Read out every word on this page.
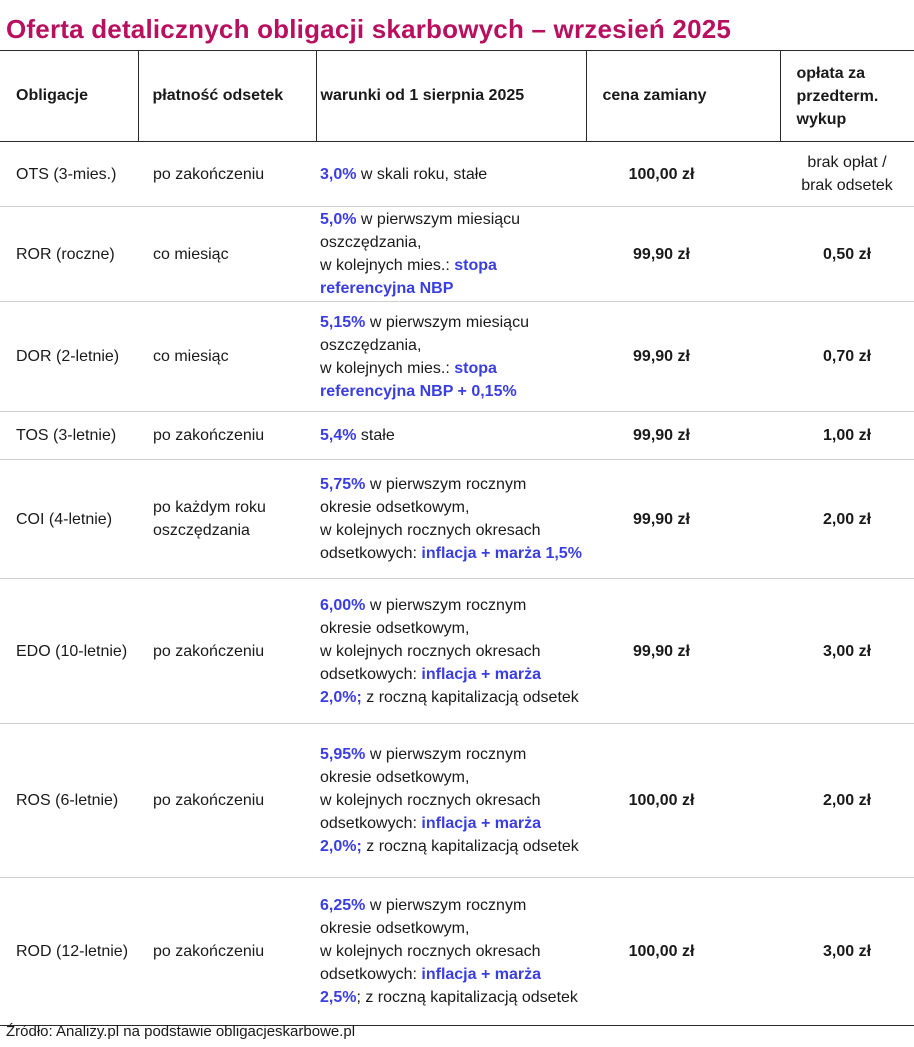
Oferta detalicznych obligacji skarbowych – wrzesień 2025
Obligacje	płatność odsetek	warunki od 1 sierpnia 2025	cena zamiany	opłata za
przedterm.
wykup
OTS (3-mies.)	po zakończeniu	3,0% w skali roku, stałe	100,00 zł	brak opłat /
brak odsetek
ROR (roczne)	co miesiąc	5,0% w pierwszym miesiącu oszczędzania,
w kolejnych mies.: stopa referencyjna NBP	99,90 zł	0,50 zł
DOR (2-letnie)	co miesiąc	5,15% w pierwszym miesiącu oszczędzania,
w kolejnych mies.: stopa referencyjna NBP + 0,15%	99,90 zł	0,70 zł
TOS (3-letnie)	po zakończeniu	5,4% stałe	99,90 zł	1,00 zł
COI (4-letnie)	po każdym roku oszczędzania	5,75% w pierwszym rocznym okresie odsetkowym,
w kolejnych rocznych okresach odsetkowych: inflacja + marża 1,5%	99,90 zł	2,00 zł
EDO (10-letnie)	po zakończeniu	6,00% w pierwszym rocznym okresie odsetkowym,
w kolejnych rocznych okresach odsetkowych: inflacja + marża 2,0%; z roczną kapitalizacją odsetek	99,90 zł	3,00 zł
ROS (6-letnie)	po zakończeniu	5,95% w pierwszym rocznym okresie odsetkowym,
w kolejnych rocznych okresach odsetkowych: inflacja + marża 2,0%; z roczną kapitalizacją odsetek	100,00 zł	2,00 zł
ROD (12-letnie)	po zakończeniu	6,25% w pierwszym rocznym okresie odsetkowym,
w kolejnych rocznych okresach odsetkowych: inflacja + marża 2,5%; z roczną kapitalizacją odsetek	100,00 zł	3,00 zł
Źródło: Analizy.pl na podstawie obligacjeskarbowe.pl
